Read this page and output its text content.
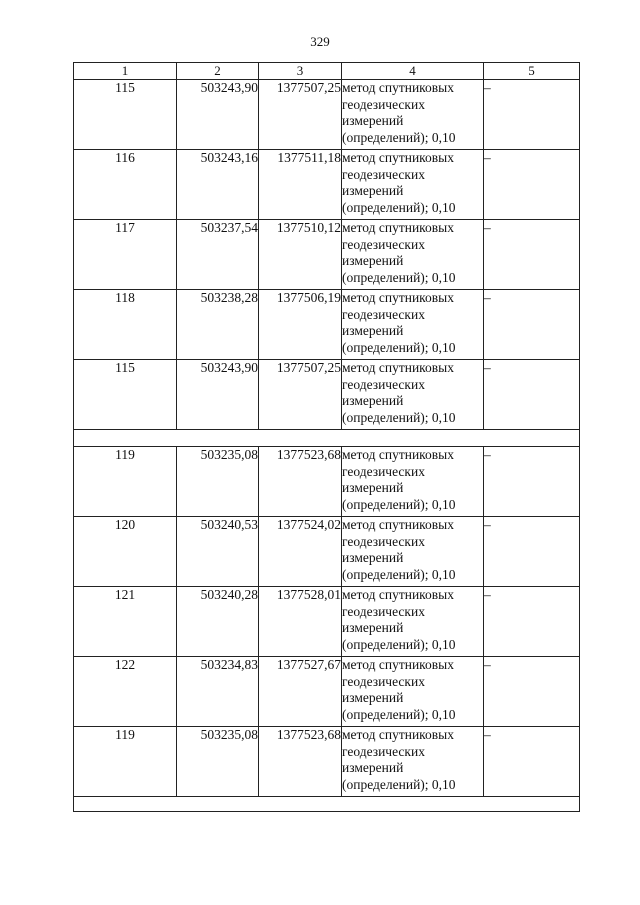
329
1	2	3	4	5
115	503243,90	1377507,25	метод спутниковых
геодезических
измерений
(определений); 0,10	–
116	503243,16	1377511,18	метод спутниковых
геодезических
измерений
(определений); 0,10	–
117	503237,54	1377510,12	метод спутниковых
геодезических
измерений
(определений); 0,10	–
118	503238,28	1377506,19	метод спутниковых
геодезических
измерений
(определений); 0,10	–
115	503243,90	1377507,25	метод спутниковых
геодезических
измерений
(определений); 0,10	–

119	503235,08	1377523,68	метод спутниковых
геодезических
измерений
(определений); 0,10	–
120	503240,53	1377524,02	метод спутниковых
геодезических
измерений
(определений); 0,10	–
121	503240,28	1377528,01	метод спутниковых
геодезических
измерений
(определений); 0,10	–
122	503234,83	1377527,67	метод спутниковых
геодезических
измерений
(определений); 0,10	–
119	503235,08	1377523,68	метод спутниковых
геодезических
измерений
(определений); 0,10	–
